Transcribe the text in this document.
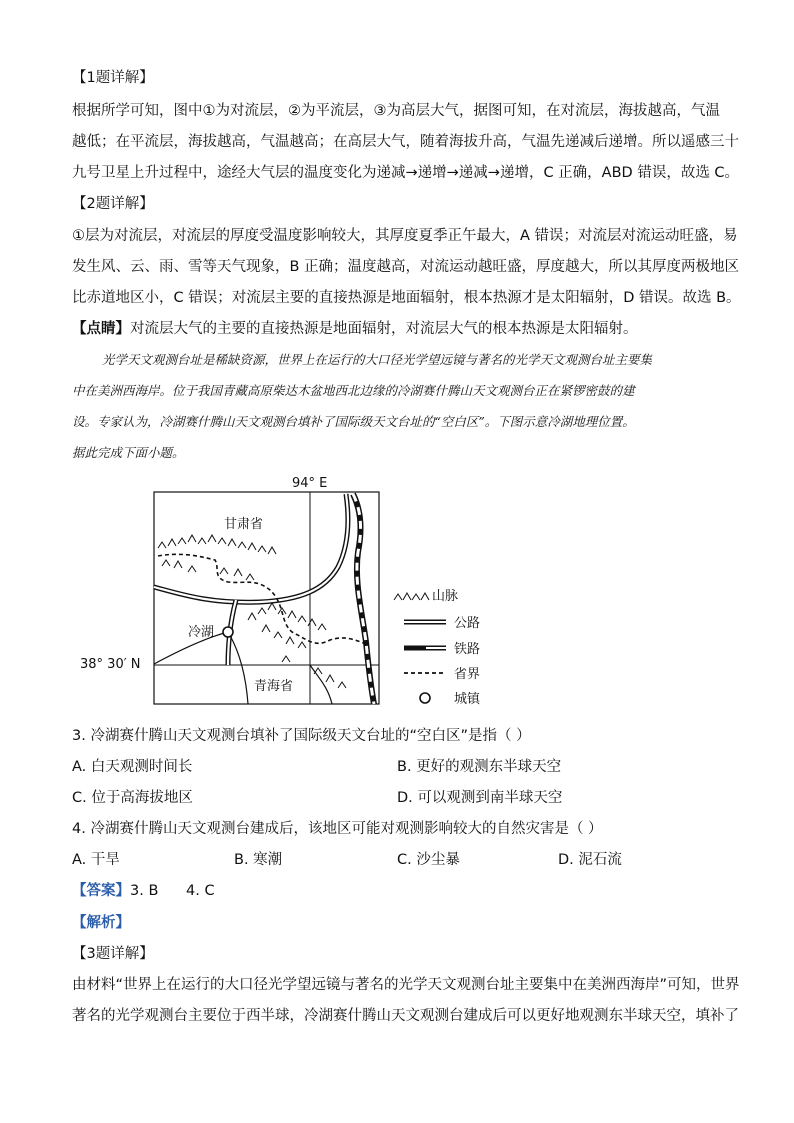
【1题详解】
根据所学可知，图中①为对流层，②为平流层，③为高层大气，据图可知，在对流层，海拔越高，气温
越低；在平流层，海拔越高，气温越高；在高层大气，随着海拔升高，气温先递减后递增。所以遥感三十
九号卫星上升过程中，途经大气层的温度变化为递减→递增→递减→递增，C 正确，ABD 错误，故选 C。
【2题详解】
①层为对流层，对流层的厚度受温度影响较大，其厚度夏季正午最大，A 错误；对流层对流运动旺盛，易
发生风、云、雨、雪等天气现象，B 正确；温度越高，对流运动越旺盛，厚度越大，所以其厚度两极地区
比赤道地区小，C 错误；对流层主要的直接热源是地面辐射，根本热源才是太阳辐射，D 错误。故选 B。
【点睛】对流层大气的主要的直接热源是地面辐射，对流层大气的根本热源是太阳辐射。
光学天文观测台址是稀缺资源，世界上在运行的大口径光学望远镜与著名的光学天文观测台址主要集
中在美洲西海岸。位于我国青藏高原柴达木盆地西北边缘的冷湖赛什腾山天文观测台正在紧锣密鼓的建
设。专家认为，冷湖赛什腾山天文观测台填补了国际级天文台址的“空白区”。下图示意冷湖地理位置。
据此完成下面小题。
94° E
38° 30′ N
甘肃省
青海省
冷湖
山脉
公路
铁路
省界
城镇
3. 冷湖赛什腾山天文观测台填补了国际级天文台址的“空白区”是指（ ）
A. 白天观测时间长	B. 更好的观测东半球天空
C. 位于高海拔地区	D. 可以观测到南半球天空
4. 冷湖赛什腾山天文观测台建成后，该地区可能对观测影响较大的自然灾害是（ ）
A. 干旱	B. 寒潮	C. 沙尘暴	D. 泥石流
【答案】3. B      4. C
【解析】
【3题详解】
由材料“世界上在运行的大口径光学望远镜与著名的光学天文观测台址主要集中在美洲西海岸”可知，世界
著名的光学观测台主要位于西半球，冷湖赛什腾山天文观测台建成后可以更好地观测东半球天空，填补了
